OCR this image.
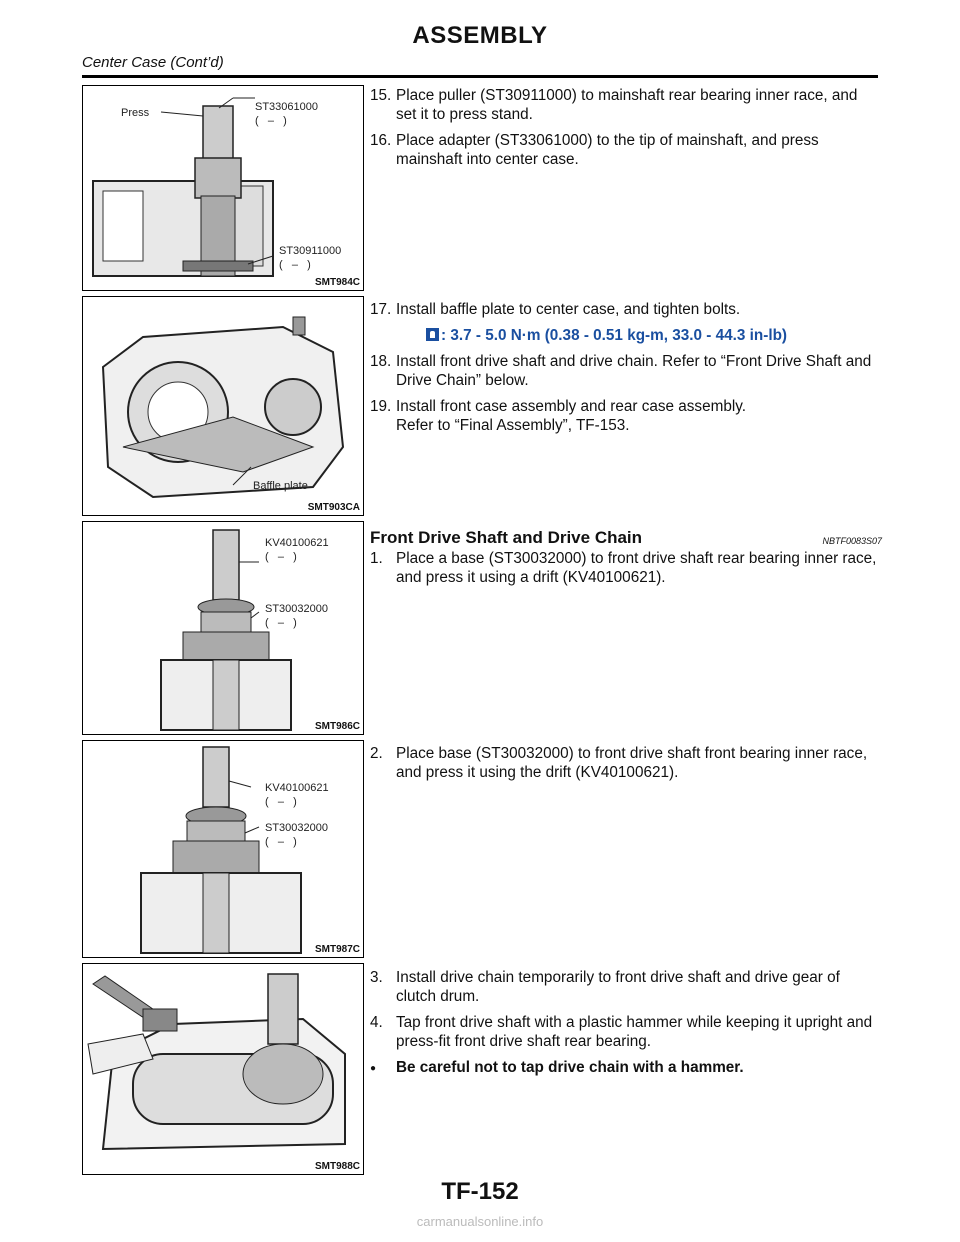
ASSEMBLY
Center Case (Cont’d)
Press	ST33061000
(   –   )
ST30911000
(   –   )
SMT984C
Baffle plate
SMT903CA
KV40100621
(   –   )
ST30032000
(   –   )
SMT986C
KV40100621
(   –   )
ST30032000
(   –   )
SMT987C
SMT988C
15. Place puller (ST30911000) to mainshaft rear bearing inner race, and set it to press stand.
16. Place adapter (ST33061000) to the tip of mainshaft, and press mainshaft into center case.
17. Install baffle plate to center case, and tighten bolts.
: 3.7 - 5.0 N·m (0.38 - 0.51 kg-m, 33.0 - 44.3 in-lb)
18. Install front drive shaft and drive chain. Refer to “Front Drive Shaft and Drive Chain” below.
19. Install front case assembly and rear case assembly.
Refer to “Final Assembly”, TF-153.
Front Drive Shaft and Drive Chain	NBTF0083S07
1. Place a base (ST30032000) to front drive shaft rear bearing inner race, and press it using a drift (KV40100621).
2. Place base (ST30032000) to front drive shaft front bearing inner race, and press it using the drift (KV40100621).
3. Install drive chain temporarily to front drive shaft and drive gear of clutch drum.
4. Tap front drive shaft with a plastic hammer while keeping it upright and press-fit front drive shaft rear bearing.
● Be careful not to tap drive chain with a hammer.
TF-152
carmanualsonline.info
